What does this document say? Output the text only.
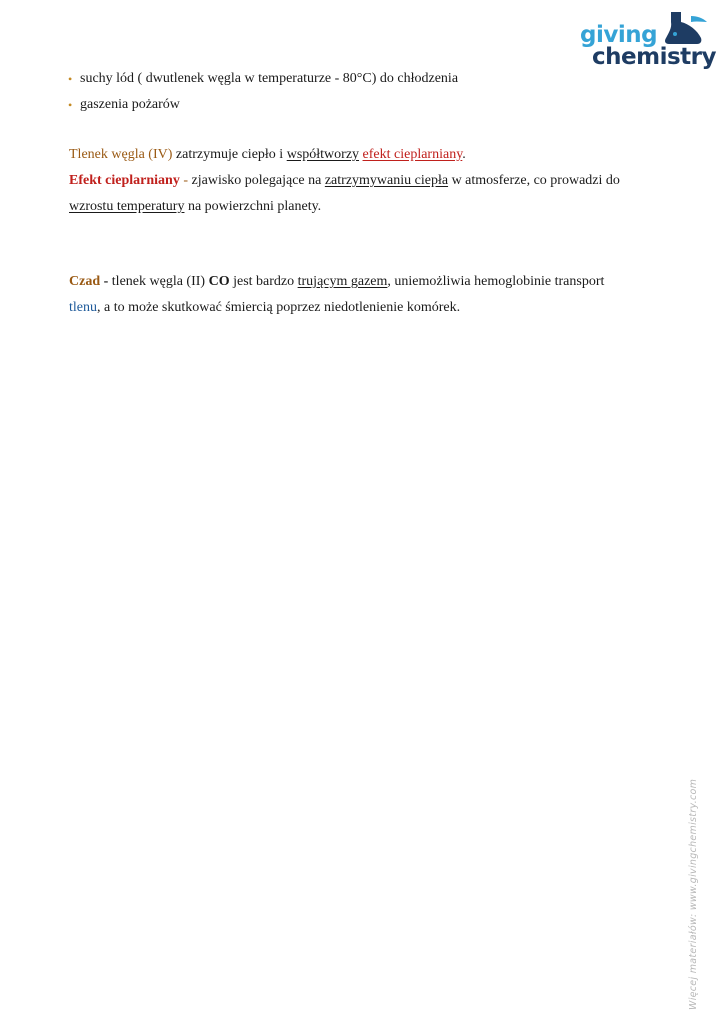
giving
chemistry
• suchy lód ( dwutlenek węgla w temperaturze - 80°C) do chłodzenia
• gaszenia pożarów

Tlenek węgla (IV) zatrzymuje ciepło i współtworzy efekt cieplarniany.
Efekt cieplarniany - zjawisko polegające na zatrzymywaniu ciepła w atmosferze, co prowadzi do
wzrostu temperatury na powierzchni planety.

Czad - tlenek węgla (II) CO jest bardzo trującym gazem, uniemożliwia hemoglobinie transport
tlenu, a to może skutkować śmiercią poprzez niedotlenienie komórek.

Więcej materiałów: www.givingchemistry.com
